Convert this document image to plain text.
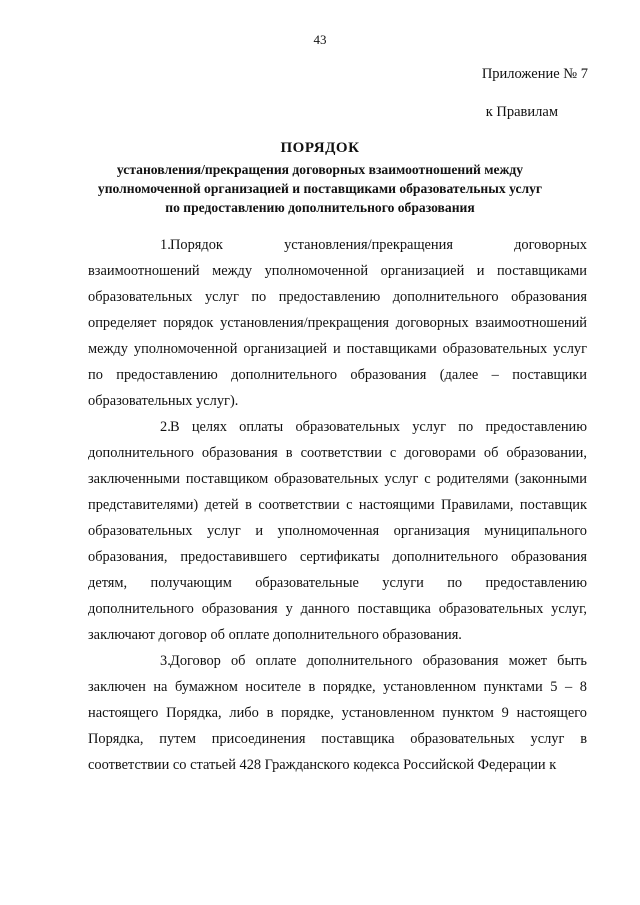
43
Приложение № 7
к Правилам
ПОРЯДОК
установления/прекращения договорных взаимоотношений между
уполномоченной организацией и поставщиками образовательных услуг
по предоставлению дополнительного образования

1.Порядок установления/прекращения договорных взаимоотношений между уполномоченной организацией и поставщиками образовательных услуг по предоставлению дополнительного образования определяет порядок установления/прекращения договорных взаимоотношений между уполномоченной организацией и поставщиками образовательных услуг по предоставлению дополнительного образования (далее – поставщики образовательных услуг).

2.В целях оплаты образовательных услуг по предоставлению дополнительного образования в соответствии с договорами об образовании, заключенными поставщиком образовательных услуг с родителями (законными представителями) детей в соответствии с настоящими Правилами, поставщик образовательных услуг и уполномоченная организация муниципального образования, предоставившего сертификаты дополнительного образования детям, получающим образовательные услуги по предоставлению дополнительного образования у данного поставщика образовательных услуг, заключают договор об оплате дополнительного образования.

3.Договор об оплате дополнительного образования может быть заключен на бумажном носителе в порядке, установленном пунктами 5 – 8 настоящего Порядка, либо в порядке, установленном пунктом 9 настоящего Порядка, путем присоединения поставщика образовательных услуг в соответствии со статьей 428 Гражданского кодекса Российской Федерации к
